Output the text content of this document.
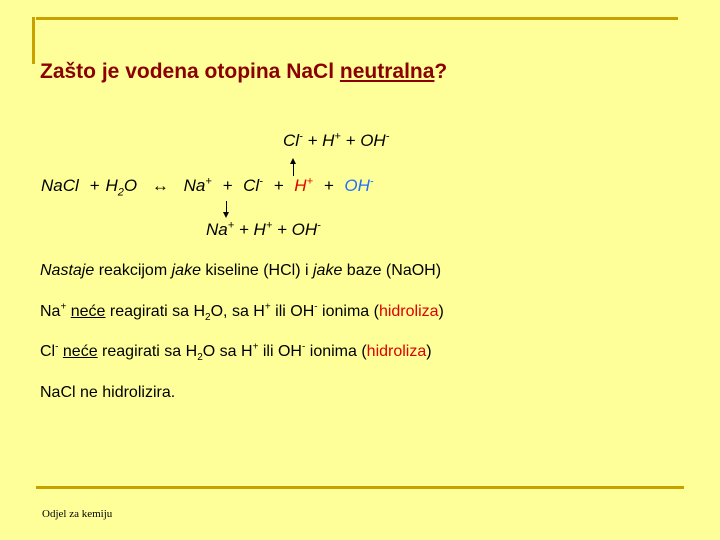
Zašto je vodena otopina NaCl neutralna?
Cl- + H+ + OH-
NaCl + $H_2O$ ↔ Na+ + Cl- + H+ + OH-
Na+ + H+ + OH-
Nastaje reakcijom jake kiseline (HCl) i jake baze (NaOH)
Na+ neće reagirati sa $H_2O$, sa H+ ili OH- ionima (hidroliza)
Cl- neće reagirati sa $H_2O$ sa H+ ili OH- ionima (hidroliza)
NaCl ne hidrolizira.
Odjel za kemiju
